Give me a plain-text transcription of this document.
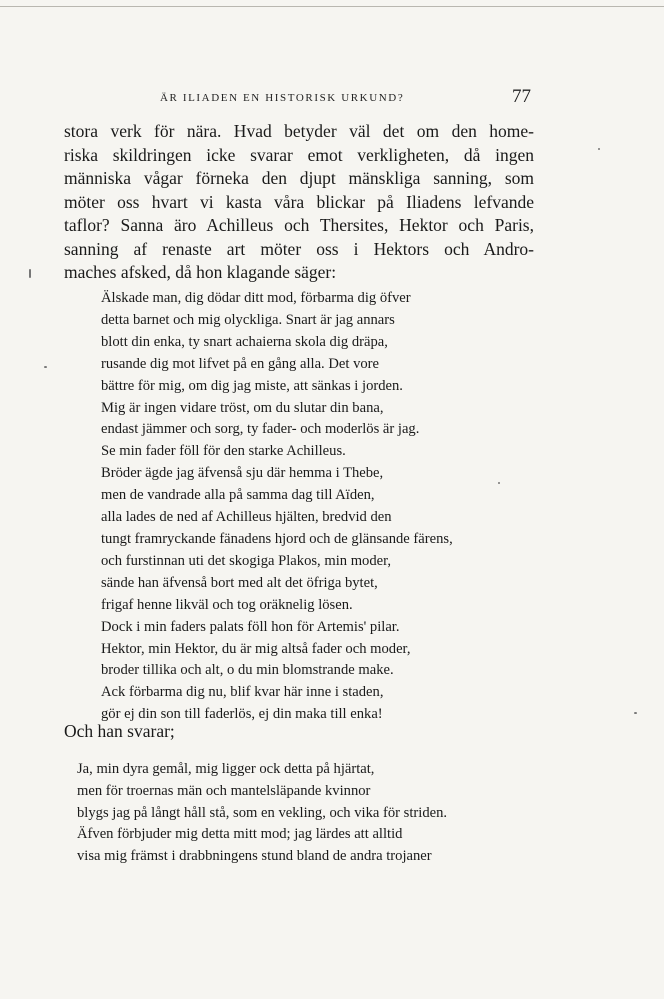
ÄR ILIADEN EN HISTORISK URKUND?	77
stora verk för nära. Hvad betyder väl det om den home-
riska skildringen icke svarar emot verkligheten, då ingen
människa vågar förneka den djupt mänskliga sanning, som
möter oss hvart vi kasta våra blickar på Iliadens lefvande
taflor? Sanna äro Achilleus och Thersites, Hektor och Paris,
sanning af renaste art möter oss i Hektors och Andro-
maches afsked, då hon klagande säger:
Älskade man, dig dödar ditt mod, förbarma dig öfver
detta barnet och mig olyckliga. Snart är jag annars
blott din enka, ty snart achaierna skola dig dräpa,
rusande dig mot lifvet på en gång alla. Det vore
bättre för mig, om dig jag miste, att sänkas i jorden.
Mig är ingen vidare tröst, om du slutar din bana,
endast jämmer och sorg, ty fader- och moderlös är jag.
Se min fader föll för den starke Achilleus.
Bröder ägde jag äfvenså sju där hemma i Thebe,
men de vandrade alla på samma dag till Aïden,
alla lades de ned af Achilleus hjälten, bredvid den
tungt framryckande fänadens hjord och de glänsande färens,
och furstinnan uti det skogiga Plakos, min moder,
sände han äfvenså bort med alt det öfriga bytet,
frigaf henne likväl och tog oräknelig lösen.
Dock i min faders palats föll hon för Artemis' pilar.
Hektor, min Hektor, du är mig altså fader och moder,
broder tillika och alt, o du min blomstrande make.
Ack förbarma dig nu, blif kvar här inne i staden,
gör ej din son till faderlös, ej din maka till enka!
Och han svarar;
Ja, min dyra gemål, mig ligger ock detta på hjärtat,
men för troernas män och mantelsläpande kvinnor
blygs jag på långt håll stå, som en vekling, och vika för striden.
Äfven förbjuder mig detta mitt mod; jag lärdes att alltid
visa mig främst i drabbningens stund bland de andra trojaner
